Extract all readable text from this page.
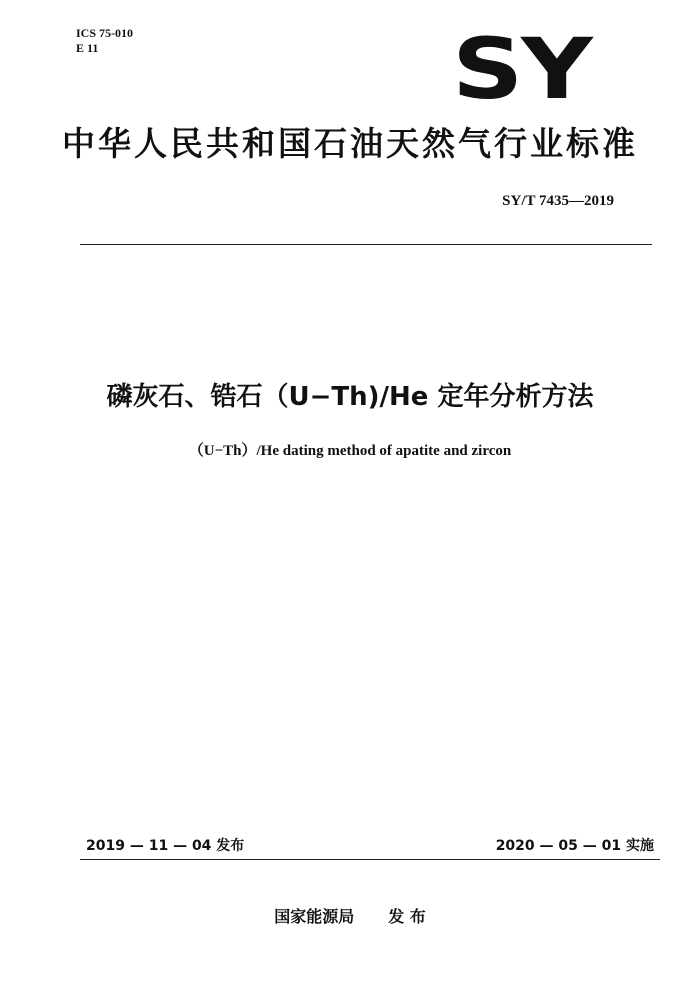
ICS 75-010
E 11	SY
中华人民共和国石油天然气行业标准
SY/T 7435—2019
磷灰石、锆石（U−Th)/He 定年分析方法
（U−Th）/He dating method of apatite and zircon
2019 — 11 — 04 发布	2020 — 05 — 01 实施
国家能源局 发 布
